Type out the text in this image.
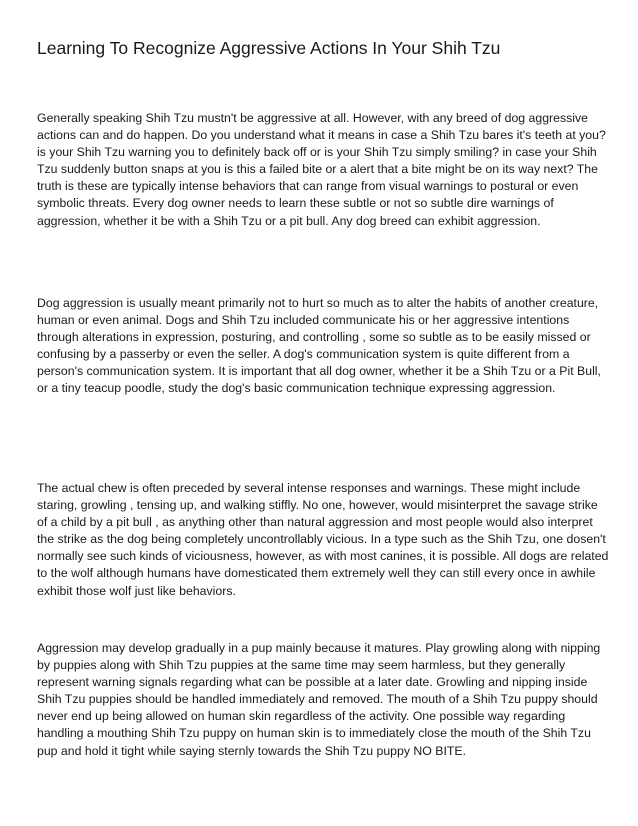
Learning To Recognize Aggressive Actions In Your Shih Tzu

Generally speaking Shih Tzu mustn't be aggressive at all. However, with any breed of dog aggressive actions can and do happen. Do you understand what it means in case a Shih Tzu bares it's teeth at you? is your Shih Tzu warning you to definitely back off or is your Shih Tzu simply smiling? in case your Shih Tzu suddenly button snaps at you is this a failed bite or a alert that a bite might be on its way next? The truth is these are typically intense behaviors that can range from visual warnings to postural or even symbolic threats. Every dog owner needs to learn these subtle or not so subtle dire warnings of aggression, whether it be with a Shih Tzu or a pit bull. Any dog breed can exhibit aggression.

Dog aggression is usually meant primarily not to hurt so much as to alter the habits of another creature, human or even animal. Dogs and Shih Tzu included communicate his or her aggressive intentions through alterations in expression, posturing, and controlling , some so subtle as to be easily missed or confusing by a passerby or even the seller. A dog's communication system is quite different from a person's communication system. It is important that all dog owner, whether it be a Shih Tzu or a Pit Bull, or a tiny teacup poodle, study the dog's basic communication technique expressing aggression.

The actual chew is often preceded by several intense responses and warnings. These might include staring, growling , tensing up, and walking stiffly. No one, however, would misinterpret the savage strike of a child by a pit bull , as anything other than natural aggression and most people would also interpret the strike as the dog being completely uncontrollably vicious. In a type such as the Shih Tzu, one dosen't normally see such kinds of viciousness, however, as with most canines, it is possible. All dogs are related to the wolf although humans have domesticated them extremely well they can still every once in awhile exhibit those wolf just like behaviors.

Aggression may develop gradually in a pup mainly because it matures. Play growling along with nipping by puppies along with Shih Tzu puppies at the same time may seem harmless, but they generally represent warning signals regarding what can be possible at a later date. Growling and nipping inside Shih Tzu puppies should be handled immediately and removed. The mouth of a Shih Tzu puppy should never end up being allowed on human skin regardless of the activity. One possible way regarding handling a mouthing Shih Tzu puppy on human skin is to immediately close the mouth of the Shih Tzu pup and hold it tight while saying sternly towards the Shih Tzu puppy NO BITE.
